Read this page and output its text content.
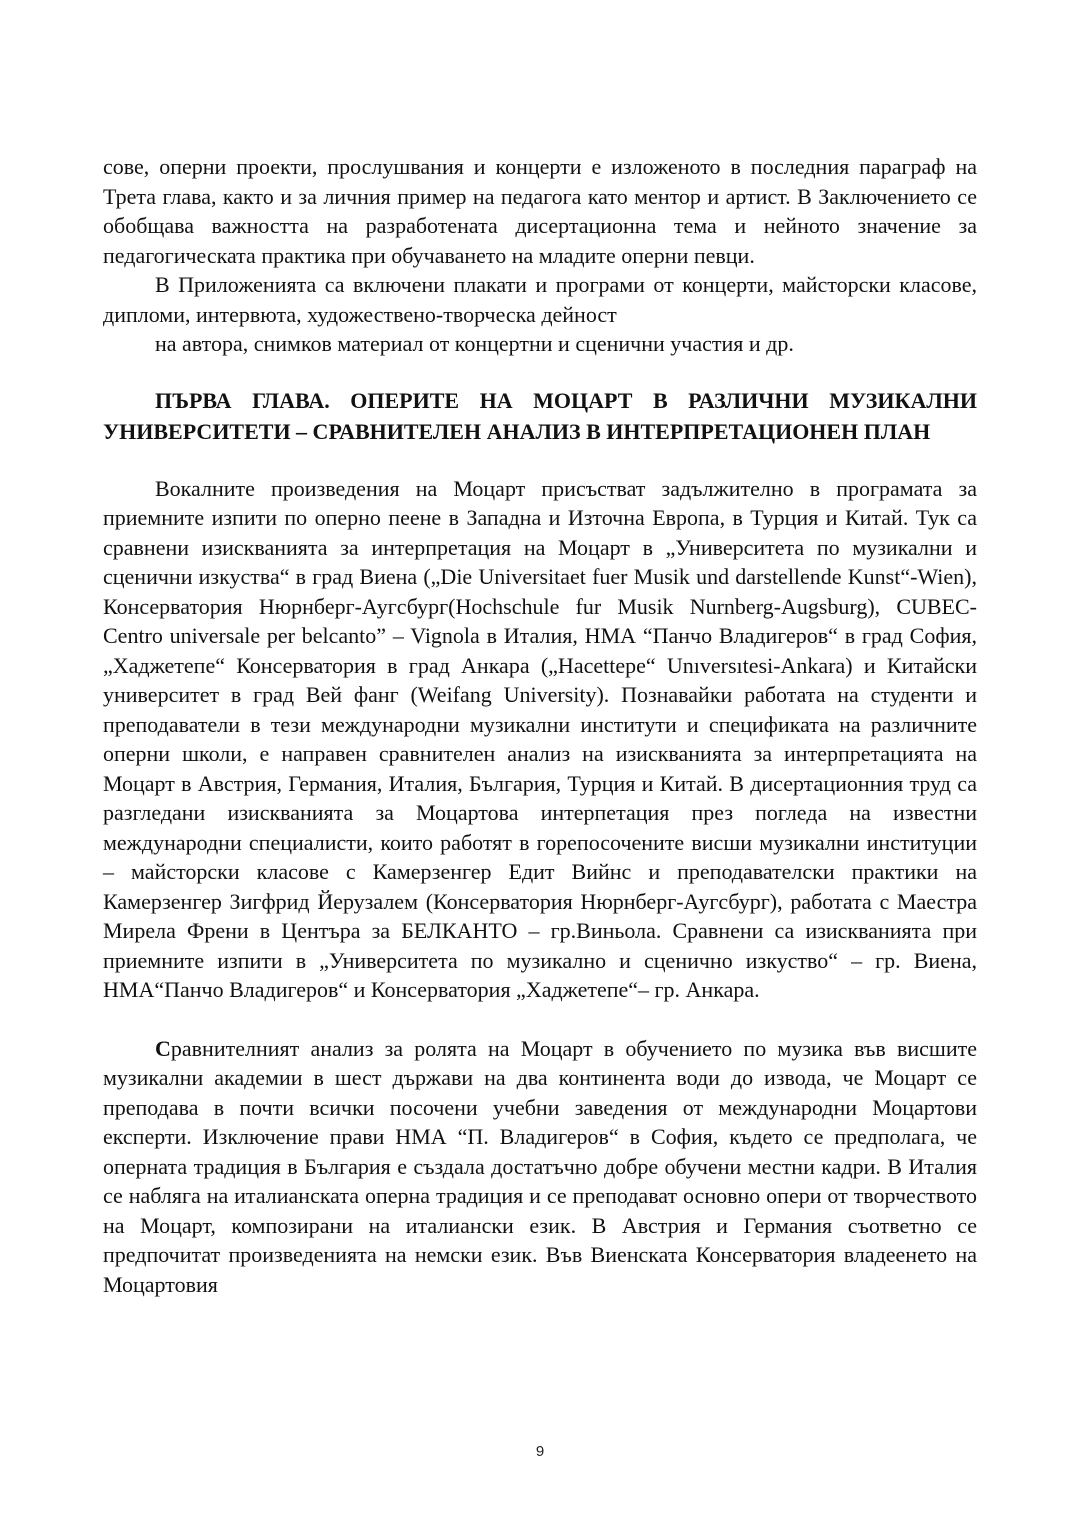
сове, оперни проекти, прослушвания и концерти е изложеното в последния параграф на Трета глава, както и за личния пример на педагога като ментор и артист. В Заключението се обобщава важността на разработената дисертационна тема и нейното значение за педагогическата практика при обучаването на младите оперни певци.

В Приложенията са включени плакати и програми от концерти, майсторски класове, дипломи, интервюта, художествено-творческа дейност

на автора, снимков материал от концертни и сценични участия и др.

ПЪРВА ГЛАВА. ОПЕРИТЕ НА МОЦАРТ В РАЗЛИЧНИ МУЗИКАЛНИ УНИВЕРСИТЕТИ – СРАВНИТЕЛЕН АНАЛИЗ В ИНТЕРПРЕТАЦИОНЕН ПЛАН

Вокалните произведения на Моцарт присъстват задължително в програмата за приемните изпити по оперно пеене в Западна и Източна Европа, в Турция и Китай. Тук са сравнени изискванията за интерпретация на Моцарт в „Университета по музикални и сценични изкуства“ в град Виена („Die Universitaet fuer Musik und darstellende Kunst“-Wien), Консерватория Нюрнберг-Аугсбург(Hochschule fur Musik Nurnberg-Augsburg), CUBEC-Centro universale per belcanto” – Vignola в Италия, НМА “Панчо Владигеров“ в град София, „Хаджетепе“ Консерватория в град Анкара („Hacettepe“ Unıversıtesi-Ankara) и Китайски университет в град Вей фанг (Weifang University). Познавайки работата на студенти и преподаватели в тези международни музикални институти и спецификата на различните оперни школи, е направен сравнителен анализ на изискванията за интерпретацията на Моцарт в Австрия, Германия, Италия, България, Турция и Китай. В дисертационния труд са разгледани изискванията за Моцартова интерпетация през погледа на известни международни специалисти, които работят в горепосочените висши музикални институции – майсторски класове с Камерзенгер Едит Вийнс и преподавателски практики на Камерзенгер Зигфрид Йерузалем (Консерватория Нюрнберг-Аугсбург), работата с Маестра Мирела Френи в Центъра за БЕЛКАНТО – гр.Виньола. Сравнени са изискванията при приемните изпити в „Университета по музикално и сценично изкуство“ – гр. Виена, НМА“Панчо Владигеров“ и Консерватория „Хаджетепе“– гр. Анкара.

Сравнителният анализ за ролята на Моцарт в обучението по музика във висшите музикални академии в шест държави на два континента води до извода, че Моцарт се преподава в почти всички посочени учебни заведения от международни Моцартови експерти. Изключение прави НМА “П. Владигеров“ в София, където се предполага, че оперната традиция в България е създала достатъчно добре обучени местни кадри. В Италия се набляга на италианската оперна традиция и се преподават основно опери от творчеството на Моцарт, композирани на италиански език. В Австрия и Германия съответно се предпочитат произведенията на немски език. Във Виенската Консерватория владеенето на Моцартовия

9
